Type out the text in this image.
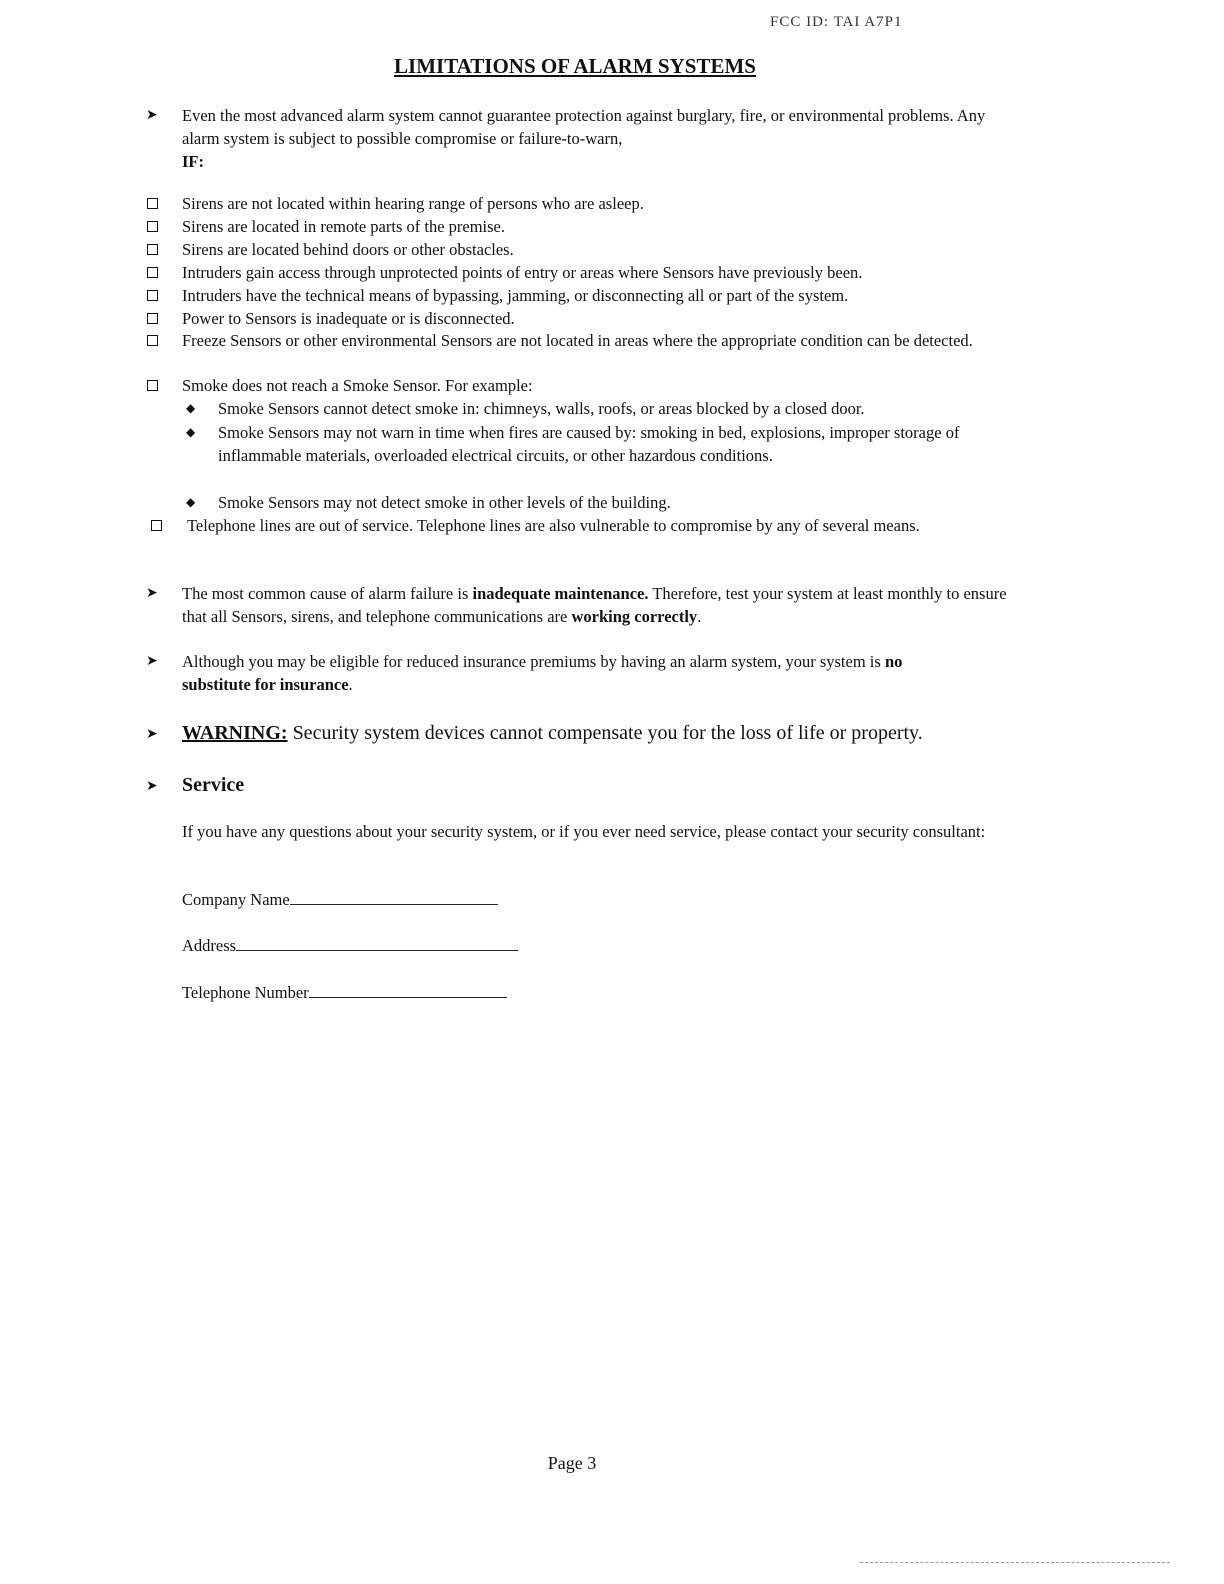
FCC ID: TAI A7P1
LIMITATIONS OF ALARM SYSTEMS
➤ Even the most advanced alarm system cannot guarantee protection against burglary, fire, or environmental problems. Any alarm system is subject to possible compromise or failure-to-warn,
IF:
Sirens are not located within hearing range of persons who are asleep.
Sirens are located in remote parts of the premise.
Sirens are located behind doors or other obstacles.
Intruders gain access through unprotected points of entry or areas where Sensors have previously been.
Intruders have the technical means of bypassing, jamming, or disconnecting all or part of the system.
Power to Sensors is inadequate or is disconnected.
Freeze Sensors or other environmental Sensors are not located in areas where the appropriate condition can be detected.
Smoke does not reach a Smoke Sensor. For example:
◆ Smoke Sensors cannot detect smoke in: chimneys, walls, roofs, or areas blocked by a closed door.
◆ Smoke Sensors may not warn in time when fires are caused by: smoking in bed, explosions, improper storage of inflammable materials, overloaded electrical circuits, or other hazardous conditions.
◆ Smoke Sensors may not detect smoke in other levels of the building.
Telephone lines are out of service. Telephone lines are also vulnerable to compromise by any of several means.
➤ The most common cause of alarm failure is inadequate maintenance. Therefore, test your system at least monthly to ensure that all Sensors, sirens, and telephone communications are working correctly.
➤ Although you may be eligible for reduced insurance premiums by having an alarm system, your system is no substitute for insurance.
➤ WARNING: Security system devices cannot compensate you for the loss of life or property.
➤ Service
If you have any questions about your security system, or if you ever need service, please contact your security consultant:
Company Name
Address
Telephone Number
Page 3
